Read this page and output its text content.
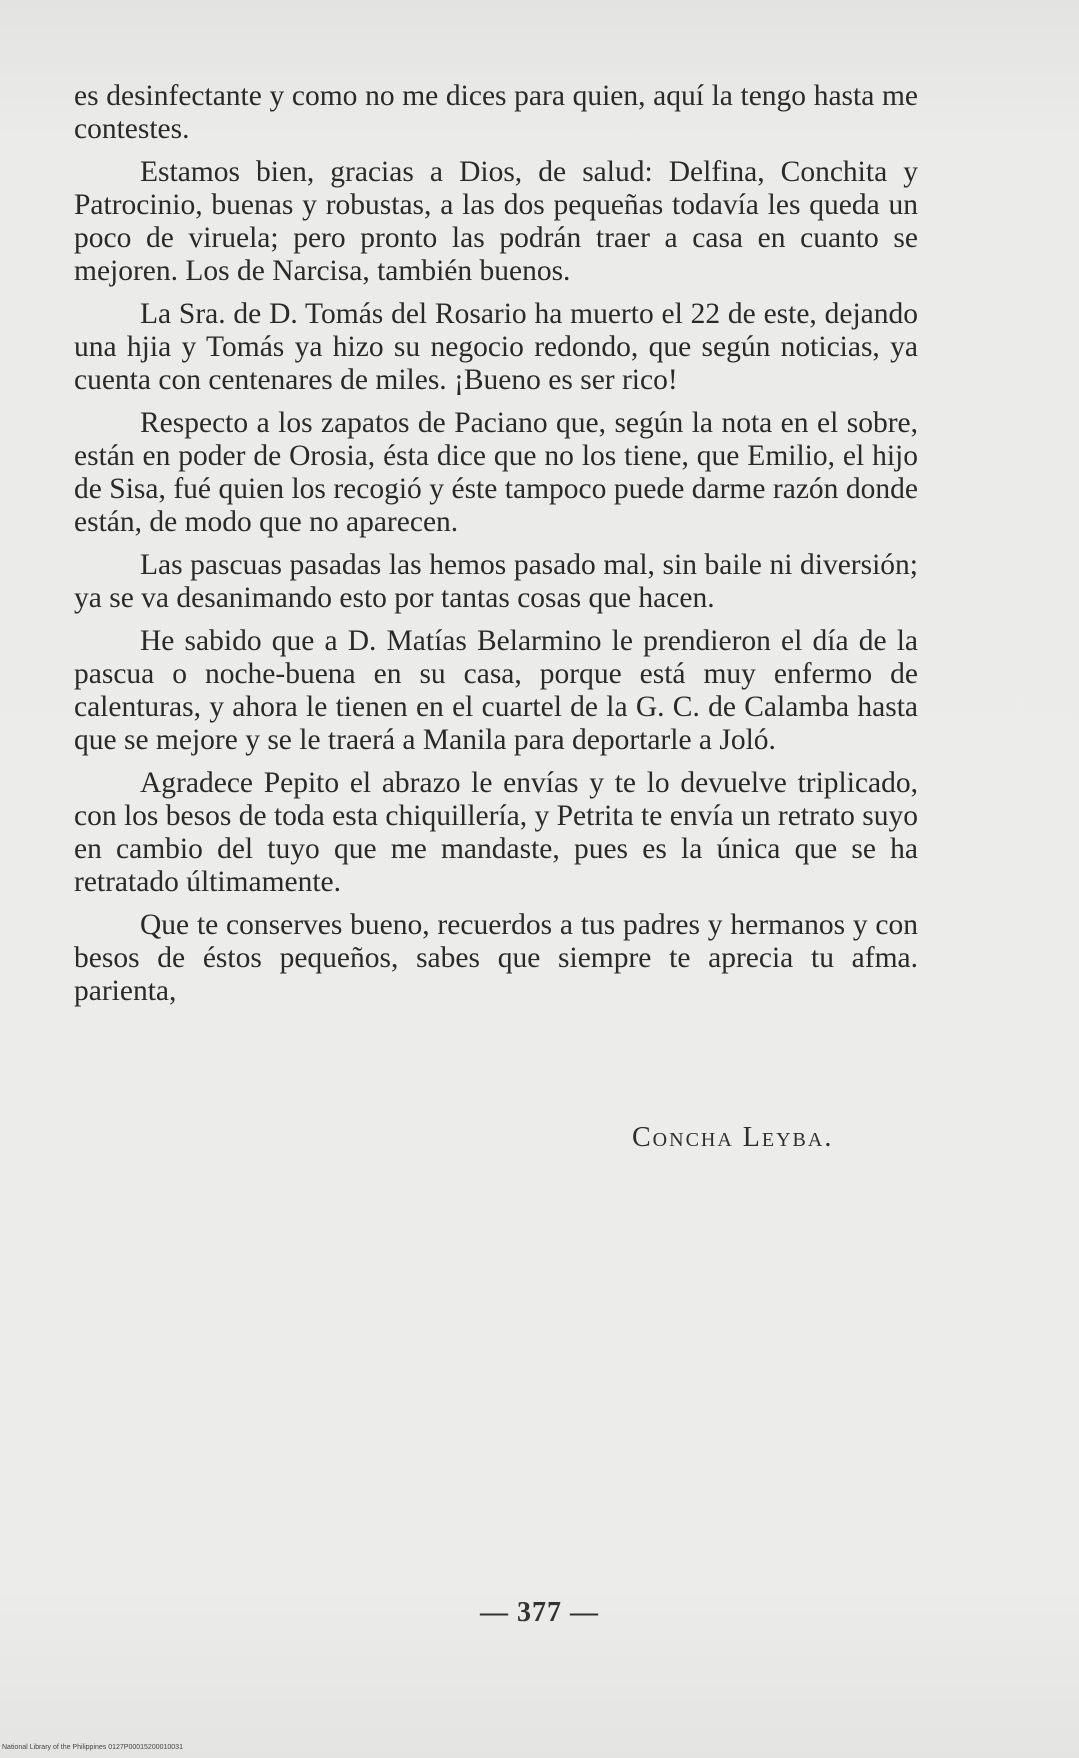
es desinfectante y como no me dices para quien, aquí la tengo hasta me contestes.

Estamos bien, gracias a Dios, de salud: Delfina, Conchita y Patrocinio, buenas y robustas, a las dos pequeñas todavía les queda un poco de viruela; pero pronto las podrán traer a casa en cuanto se mejoren. Los de Narcisa, también buenos.

La Sra. de D. Tomás del Rosario ha muerto el 22 de este, dejando una hjia y Tomás ya hizo su negocio redondo, que según noticias, ya cuenta con centenares de miles. ¡Bueno es ser rico!

Respecto a los zapatos de Paciano que, según la nota en el sobre, están en poder de Orosia, ésta dice que no los tiene, que Emilio, el hijo de Sisa, fué quien los recogió y éste tampoco puede darme razón donde están, de modo que no aparecen.

Las pascuas pasadas las hemos pasado mal, sin baile ni diversión; ya se va desanimando esto por tantas cosas que hacen.

He sabido que a D. Matías Belarmino le prendieron el día de la pascua o noche-buena en su casa, porque está muy enfermo de calenturas, y ahora le tienen en el cuartel de la G. C. de Calamba hasta que se mejore y se le traerá a Manila para deportarle a Joló.

Agradece Pepito el abrazo le envías y te lo devuelve triplicado, con los besos de toda esta chiquillería, y Petrita te envía un retrato suyo en cambio del tuyo que me mandaste, pues es la única que se ha retratado últimamente.

Que te conserves bueno, recuerdos a tus padres y hermanos y con besos de éstos pequeños, sabes que siempre te aprecia tu afma. parienta,

Concha Leyba.
— 377 —
National Library of the Philippines 0127P00015200010031
